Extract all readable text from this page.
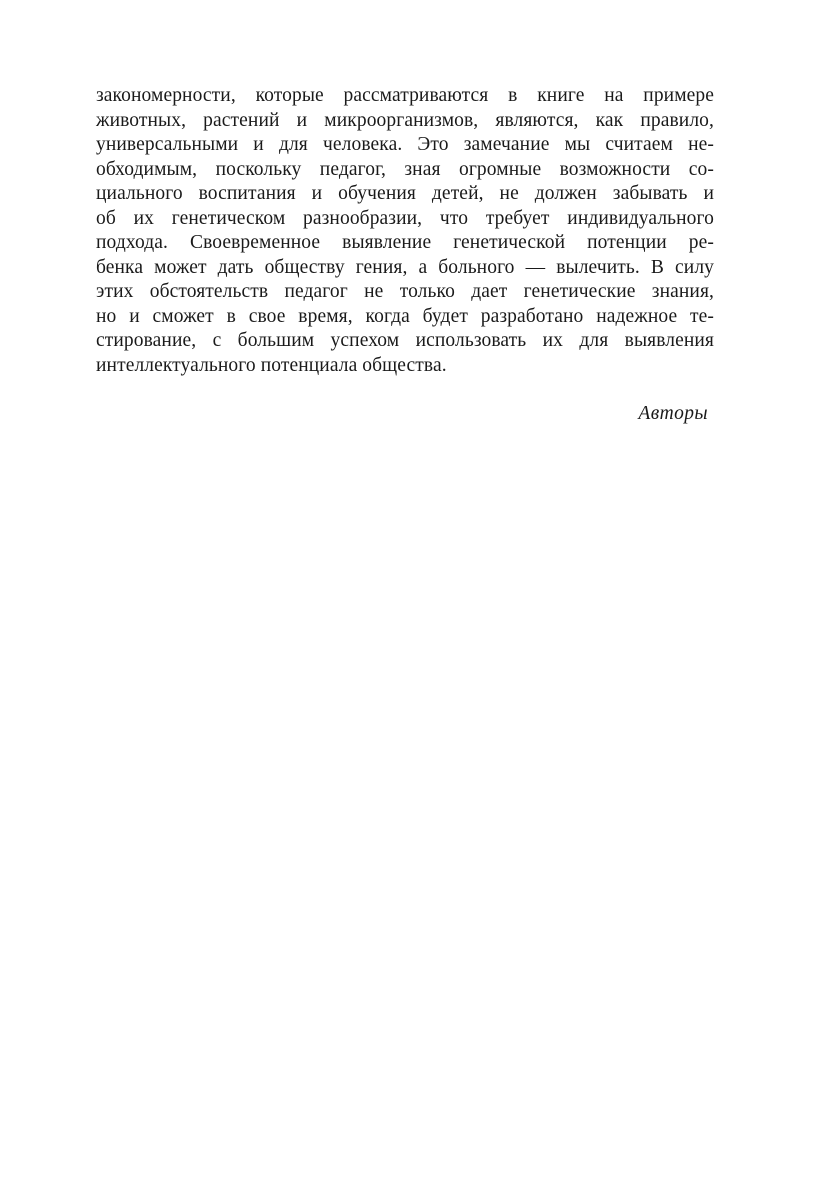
закономерности, которые рассматриваются в книге на примере
животных, растений и микроорганизмов, являются, как правило,
универсальными и для человека. Это замечание мы считаем не-
обходимым, поскольку педагог, зная огромные возможности со-
циального воспитания и обучения детей, не должен забывать и
об их генетическом разнообразии, что требует индивидуального
подхода. Своевременное выявление генетической потенции ре-
бенка может дать обществу гения, а больного — вылечить. В силу
этих обстоятельств педагог не только дает генетические знания,
но и сможет в свое время, когда будет разработано надежное те-
стирование, с большим успехом использовать их для выявления
интеллектуального потенциала общества.
Авторы
